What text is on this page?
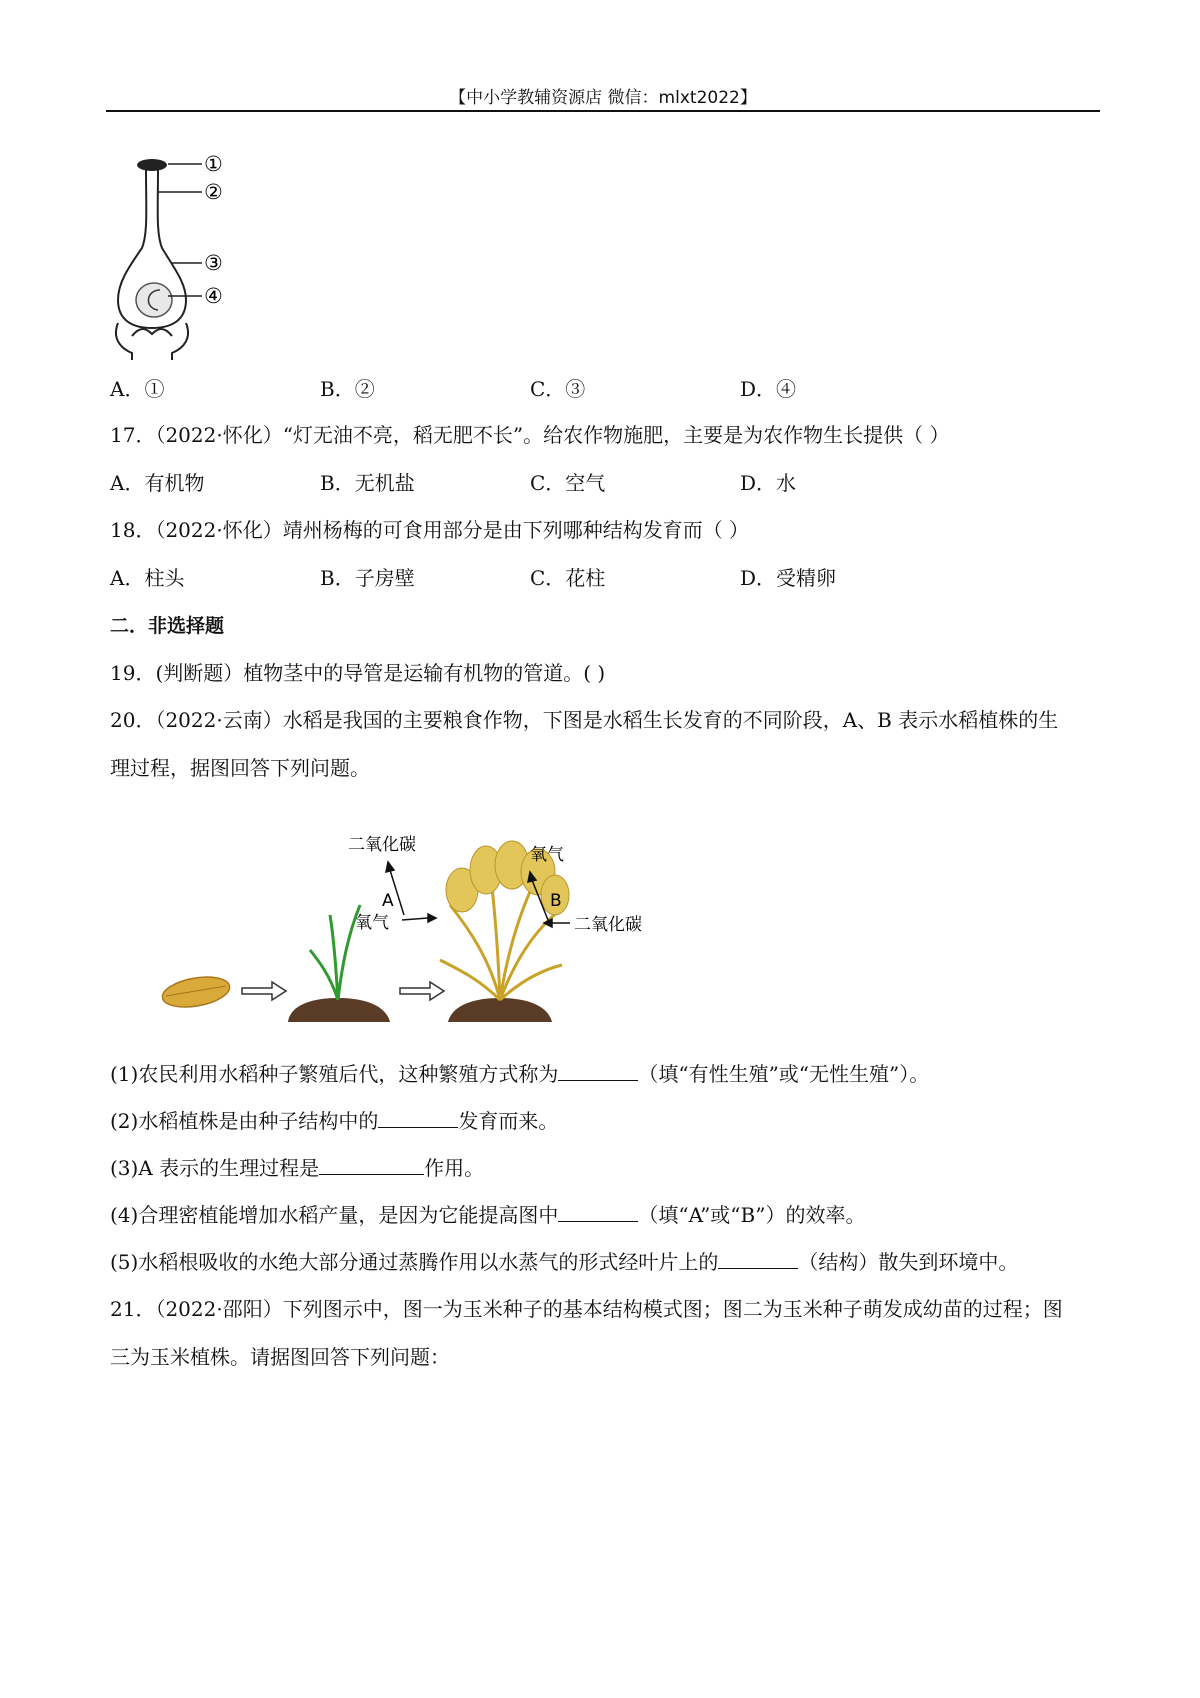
【中小学教辅资源店 微信：mlxt2022】
①
②
③
④
A．①	B．②	C．③	D．④
17．（2022·怀化）“灯无油不亮，稻无肥不长”。给农作物施肥，主要是为农作物生长提供（ ）
A．有机物	B．无机盐	C．空气	D．水
18．（2022·怀化）靖州杨梅的可食用部分是由下列哪种结构发育而（ ）
A．柱头	B．子房壁	C．花柱	D．受精卵
二．非选择题
19．(判断题）植物茎中的导管是运输有机物的管道。( )
20．（2022·云南）水稻是我国的主要粮食作物，下图是水稻生长发育的不同阶段，A、B 表示水稻植株的生
理过程，据图回答下列问题。
二氧化碳
A
氧气
氧气
B
二氧化碳
(1)农民利用水稻种子繁殖后代，这种繁殖方式称为	（填“有性生殖”或“无性生殖”）。
(2)水稻植株是由种子结构中的	发育而来。
(3)A 表示的生理过程是	作用。
(4)合理密植能增加水稻产量，是因为它能提高图中	（填“A”或“B”）的效率。
(5)水稻根吸收的水绝大部分通过蒸腾作用以水蒸气的形式经叶片上的	（结构）散失到环境中。
21．（2022·邵阳）下列图示中，图一为玉米种子的基本结构模式图；图二为玉米种子萌发成幼苗的过程；图
三为玉米植株。请据图回答下列问题：
